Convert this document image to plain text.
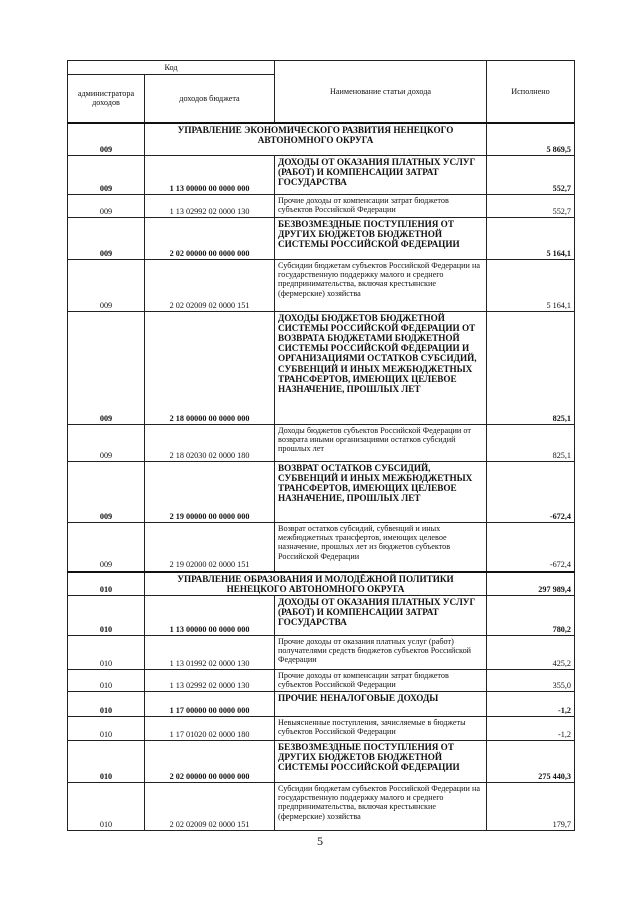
Код		Наименование статьи дохода	Исполнено
администратора доходов	доходов бюджета		
009	УПРАВЛЕНИЕ ЭКОНОМИЧЕСКОГО РАЗВИТИЯ НЕНЕЦКОГО АВТОНОМНОГО ОКРУГА		5 869,5
009	1 13 00000 00 0000 000	ДОХОДЫ ОТ ОКАЗАНИЯ ПЛАТНЫХ УСЛУГ (РАБОТ) И КОМПЕНСАЦИИ ЗАТРАТ ГОСУДАРСТВА	552,7
009	1 13 02992 02 0000 130	Прочие доходы от компенсации затрат бюджетов субъектов Российской Федерации	552,7
009	2 02 00000 00 0000 000	БЕЗВОЗМЕЗДНЫЕ ПОСТУПЛЕНИЯ ОТ ДРУГИХ БЮДЖЕТОВ БЮДЖЕТНОЙ СИСТЕМЫ РОССИЙСКОЙ ФЕДЕРАЦИИ	5 164,1
009	2 02 02009 02 0000 151	Субсидии бюджетам субъектов Российской Федерации на государственную поддержку малого и среднего предпринимательства, включая крестьянские (фермерские) хозяйства	5 164,1
009	2 18 00000 00 0000 000	ДОХОДЫ БЮДЖЕТОВ БЮДЖЕТНОЙ СИСТЕМЫ РОССИЙСКОЙ ФЕДЕРАЦИИ ОТ ВОЗВРАТА БЮДЖЕТАМИ БЮДЖЕТНОЙ СИСТЕМЫ РОССИЙСКОЙ ФЕДЕРАЦИИ И ОРГАНИЗАЦИЯМИ ОСТАТКОВ СУБСИДИЙ, СУБВЕНЦИЙ И ИНЫХ МЕЖБЮДЖЕТНЫХ ТРАНСФЕРТОВ, ИМЕЮЩИХ ЦЕЛЕВОЕ НАЗНАЧЕНИЕ, ПРОШЛЫХ ЛЕТ	825,1
009	2 18 02030 02 0000 180	Доходы бюджетов субъектов Российской Федерации от возврата иными организациями остатков субсидий прошлых лет	825,1
009	2 19 00000 00 0000 000	ВОЗВРАТ ОСТАТКОВ СУБСИДИЙ, СУБВЕНЦИЙ И ИНЫХ МЕЖБЮДЖЕТНЫХ ТРАНСФЕРТОВ, ИМЕЮЩИХ ЦЕЛЕВОЕ НАЗНАЧЕНИЕ, ПРОШЛЫХ ЛЕТ	-672,4
009	2 19 02000 02 0000 151	Возврат остатков субсидий, субвенций и иных межбюджетных трансфертов, имеющих целевое назначение, прошлых лет из бюджетов субъектов Российской Федерации	-672,4
010	УПРАВЛЕНИЕ ОБРАЗОВАНИЯ И МОЛОДЁЖНОЙ ПОЛИТИКИ НЕНЕЦКОГО АВТОНОМНОГО ОКРУГА		297 989,4
010	1 13 00000 00 0000 000	ДОХОДЫ ОТ ОКАЗАНИЯ ПЛАТНЫХ УСЛУГ (РАБОТ) И КОМПЕНСАЦИИ ЗАТРАТ ГОСУДАРСТВА	780,2
010	1 13 01992 02 0000 130	Прочие доходы от оказания платных услуг (работ) получателями средств бюджетов субъектов Российской Федерации	425,2
010	1 13 02992 02 0000 130	Прочие доходы от компенсации затрат бюджетов субъектов Российской Федерации	355,0
010	1 17 00000 00 0000 000	ПРОЧИЕ НЕНАЛОГОВЫЕ ДОХОДЫ	-1,2
010	1 17 01020 02 0000 180	Невыясненные поступления, зачисляемые в бюджеты субъектов Российской Федерации	-1,2
010	2 02 00000 00 0000 000	БЕЗВОЗМЕЗДНЫЕ ПОСТУПЛЕНИЯ ОТ ДРУГИХ БЮДЖЕТОВ БЮДЖЕТНОЙ СИСТЕМЫ РОССИЙСКОЙ ФЕДЕРАЦИИ	275 440,3
010	2 02 02009 02 0000 151	Субсидии бюджетам субъектов Российской Федерации на государственную поддержку малого и среднего предпринимательства, включая крестьянские (фермерские) хозяйства	179,7
5
